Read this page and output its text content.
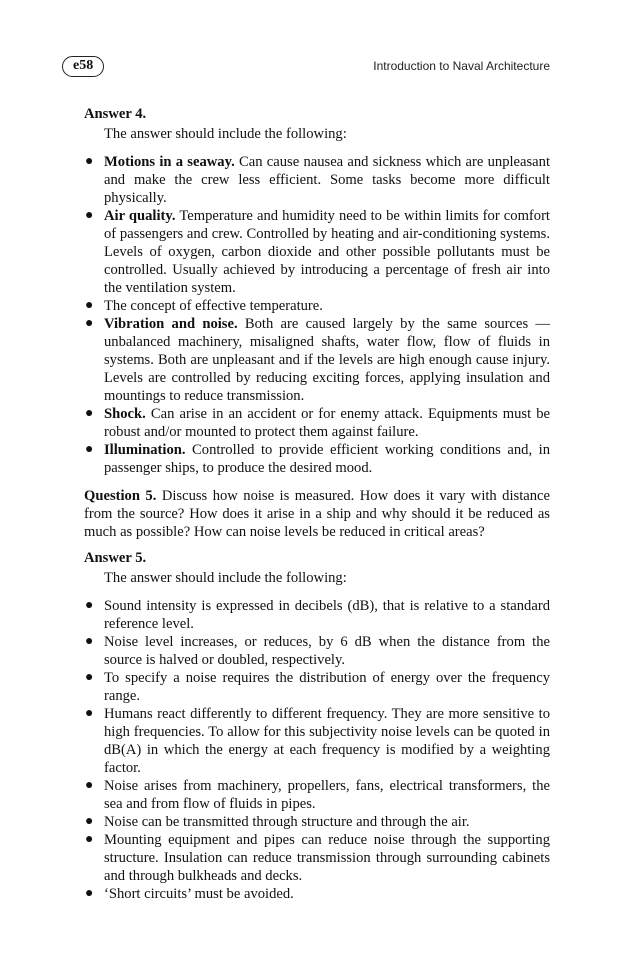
e58	Introduction to Naval Architecture

Answer 4.

The answer should include the following:

● Motions in a seaway. Can cause nausea and sickness which are unpleasant and make the crew less efficient. Some tasks become more difficult physically.
● Air quality. Temperature and humidity need to be within limits for comfort of passengers and crew. Controlled by heating and air-conditioning systems. Levels of oxygen, carbon dioxide and other possible pollutants must be controlled. Usually achieved by introducing a percentage of fresh air into the ventilation system.
● The concept of effective temperature.
● Vibration and noise. Both are caused largely by the same sources — unbalanced machinery, misaligned shafts, water flow, flow of fluids in systems. Both are unpleasant and if the levels are high enough cause injury. Levels are controlled by reducing exciting forces, applying insulation and mountings to reduce transmission.
● Shock. Can arise in an accident or for enemy attack. Equipments must be robust and/or mounted to protect them against failure.
● Illumination. Controlled to provide efficient working conditions and, in passenger ships, to produce the desired mood.

Question 5. Discuss how noise is measured. How does it vary with distance from the source? How does it arise in a ship and why should it be reduced as much as possible? How can noise levels be reduced in critical areas?

Answer 5.

The answer should include the following:

● Sound intensity is expressed in decibels (dB), that is relative to a standard reference level.
● Noise level increases, or reduces, by 6 dB when the distance from the source is halved or doubled, respectively.
● To specify a noise requires the distribution of energy over the frequency range.
● Humans react differently to different frequency. They are more sensitive to high frequencies. To allow for this subjectivity noise levels can be quoted in dB(A) in which the energy at each frequency is modified by a weighting factor.
● Noise arises from machinery, propellers, fans, electrical transformers, the sea and from flow of fluids in pipes.
● Noise can be transmitted through structure and through the air.
● Mounting equipment and pipes can reduce noise through the supporting structure. Insulation can reduce transmission through surrounding cabinets and through bulkheads and decks.
● ‘Short circuits’ must be avoided.
